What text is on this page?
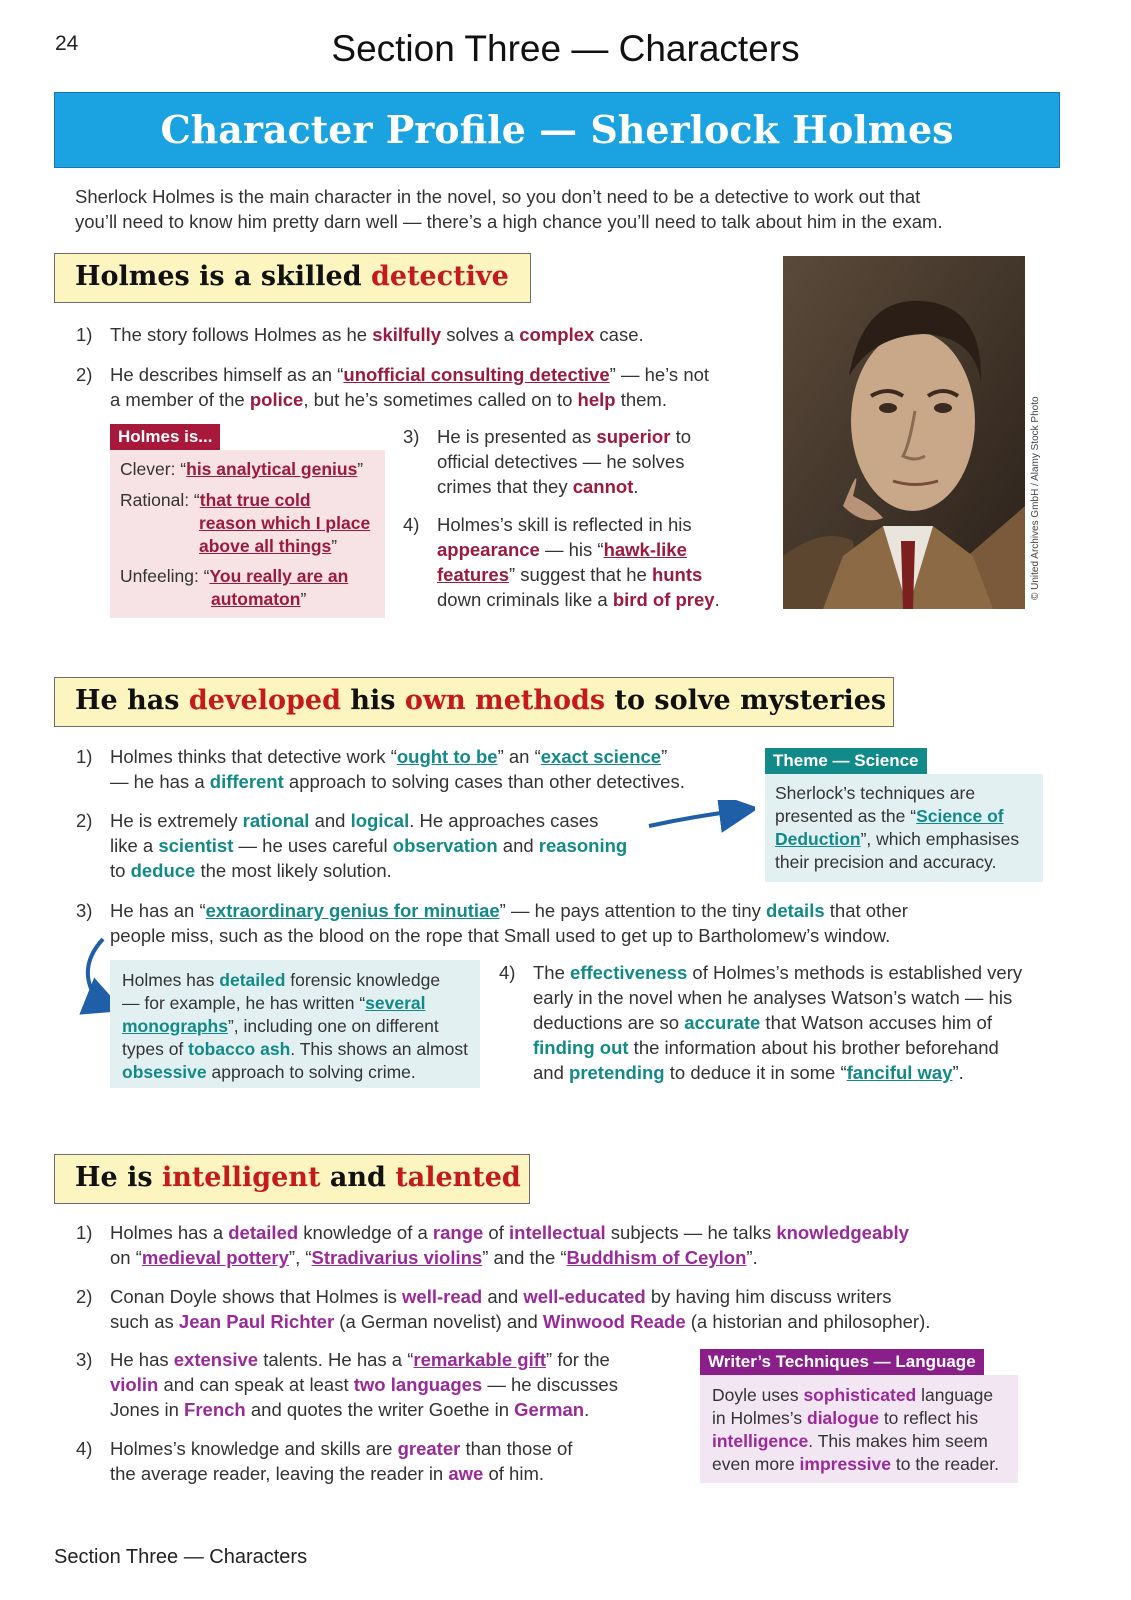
24	Section Three — Characters
Character Profile — Sherlock Holmes
Sherlock Holmes is the main character in the novel, so you don’t need to be a detective to work out that
you’ll need to know him pretty darn well — there’s a high chance you’ll need to talk about him in the exam.
Holmes is a skilled detective
1) The story follows Holmes as he skilfully solves a complex case.
2) He describes himself as an “unofficial consulting detective” — he’s not
a member of the police, but he’s sometimes called on to help them.
Holmes is...
Clever: “his analytical genius”
Rational: “that true cold
reason which I place
above all things”
Unfeeling: “You really are an
automaton”
3) He is presented as superior to
official detectives — he solves
crimes that they cannot.
4) Holmes’s skill is reflected in his
appearance — his “hawk-like
features” suggest that he hunts
down criminals like a bird of prey.	© United Archives GmbH / Alamy Stock Photo
He has developed his own methods to solve mysteries
1) Holmes thinks that detective work “ought to be” an “exact science”
— he has a different approach to solving cases than other detectives.
2) He is extremely rational and logical. He approaches cases
like a scientist — he uses careful observation and reasoning
to deduce the most likely solution.
Theme — Science
Sherlock’s techniques are
presented as the “Science of
Deduction”, which emphasises
their precision and accuracy.
3) He has an “extraordinary genius for minutiae” — he pays attention to the tiny details that other
people miss, such as the blood on the rope that Small used to get up to Bartholomew’s window.
Holmes has detailed forensic knowledge
— for example, he has written “several
monographs”, including one on different
types of tobacco ash. This shows an almost
obsessive approach to solving crime.
4) The effectiveness of Holmes’s methods is established very
early in the novel when he analyses Watson’s watch — his
deductions are so accurate that Watson accuses him of
finding out the information about his brother beforehand
and pretending to deduce it in some “fanciful way”.
He is intelligent and talented
1) Holmes has a detailed knowledge of a range of intellectual subjects — he talks knowledgeably
on “medieval pottery”, “Stradivarius violins” and the “Buddhism of Ceylon”.
2) Conan Doyle shows that Holmes is well-read and well-educated by having him discuss writers
such as Jean Paul Richter (a German novelist) and Winwood Reade (a historian and philosopher).
3) He has extensive talents. He has a “remarkable gift” for the
violin and can speak at least two languages — he discusses
Jones in French and quotes the writer Goethe in German.
4) Holmes’s knowledge and skills are greater than those of
the average reader, leaving the reader in awe of him.
Writer’s Techniques — Language
Doyle uses sophisticated language
in Holmes’s dialogue to reflect his
intelligence. This makes him seem
even more impressive to the reader.
Section Three — Characters
